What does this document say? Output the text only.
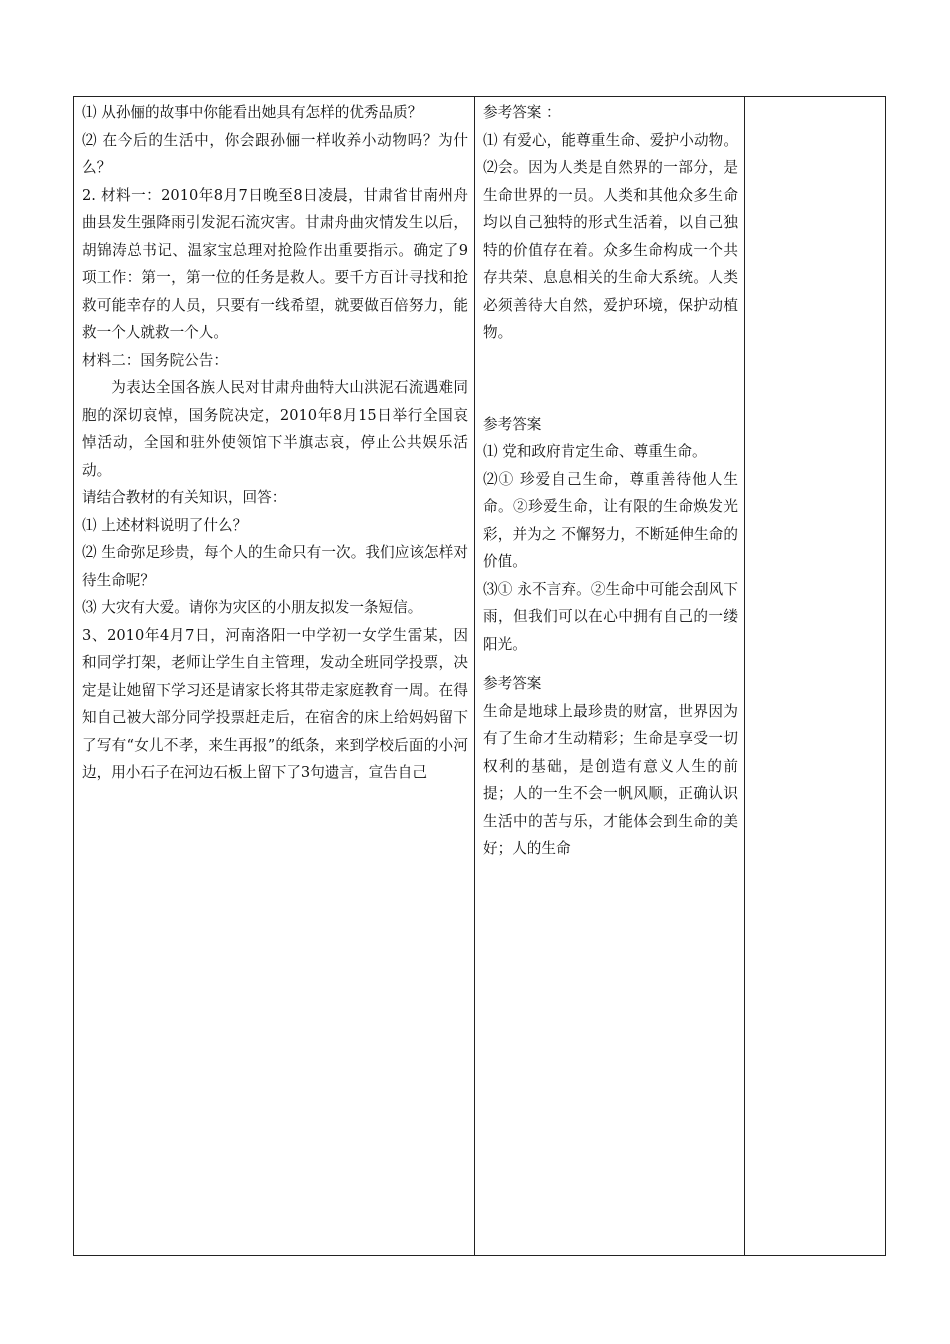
⑴ 从孙俪的故事中你能看出她具有怎样的优秀品质？

⑵ 在今后的生活中，你会跟孙俪一样收养小动物吗？为什么？

2. 材料一：2010年8月7日晚至8日凌晨，甘肃省甘南州舟曲县发生强降雨引发泥石流灾害。甘肃舟曲灾情发生以后，胡锦涛总书记、温家宝总理对抢险作出重要指示。确定了9项工作：第一，第一位的任务是救人。要千方百计寻找和抢救可能幸存的人员，只要有一线希望，就要做百倍努力，能救一个人就救一个人。

材料二：国务院公告：

为表达全国各族人民对甘肃舟曲特大山洪泥石流遇难同胞的深切哀悼，国务院决定，2010年8月15日举行全国哀悼活动，全国和驻外使领馆下半旗志哀，停止公共娱乐活动。

请结合教材的有关知识，回答：

⑴ 上述材料说明了什么？

⑵ 生命弥足珍贵，每个人的生命只有一次。我们应该怎样对待生命呢？

⑶ 大灾有大爱。请你为灾区的小朋友拟发一条短信。

3、2010年4月7日，河南洛阳一中学初一女学生雷某，因和同学打架，老师让学生自主管理，发动全班同学投票，决定是让她留下学习还是请家长将其带走家庭教育一周。在得知自己被大部分同学投票赶走后，在宿舍的床上给妈妈留下了写有“女儿不孝，来生再报”的纸条，来到学校后面的小河边，用小石子在河边石板上留下了3句遗言，宣告自己

参考答案 ：

⑴ 有爱心，能尊重生命、爱护小动物。⑵会。因为人类是自然界的一部分，是生命世界的一员。人类和其他众多生命均以自己独特的形式生活着，以自己独特的价值存在着。众多生命构成一个共存共荣、息息相关的生命大系统。人类必须善待大自然，爱护环境，保护动植物。

参考答案

⑴ 党和政府肯定生命、尊重生命。

⑵① 珍爱自己生命，尊重善待他人生命。②珍爱生命，让有限的生命焕发光彩，并为之 不懈努力，不断延伸生命的价值。

⑶① 永不言弃。②生命中可能会刮风下雨，但我们可以在心中拥有自己的一缕阳光。

参考答案

生命是地球上最珍贵的财富，世界因为有了生命才生动精彩；生命是享受一切权利的基础，是创造有意义人生的前提；人的一生不会一帆风顺，正确认识生活中的苦与乐，才能体会到生命的美好；人的生命
